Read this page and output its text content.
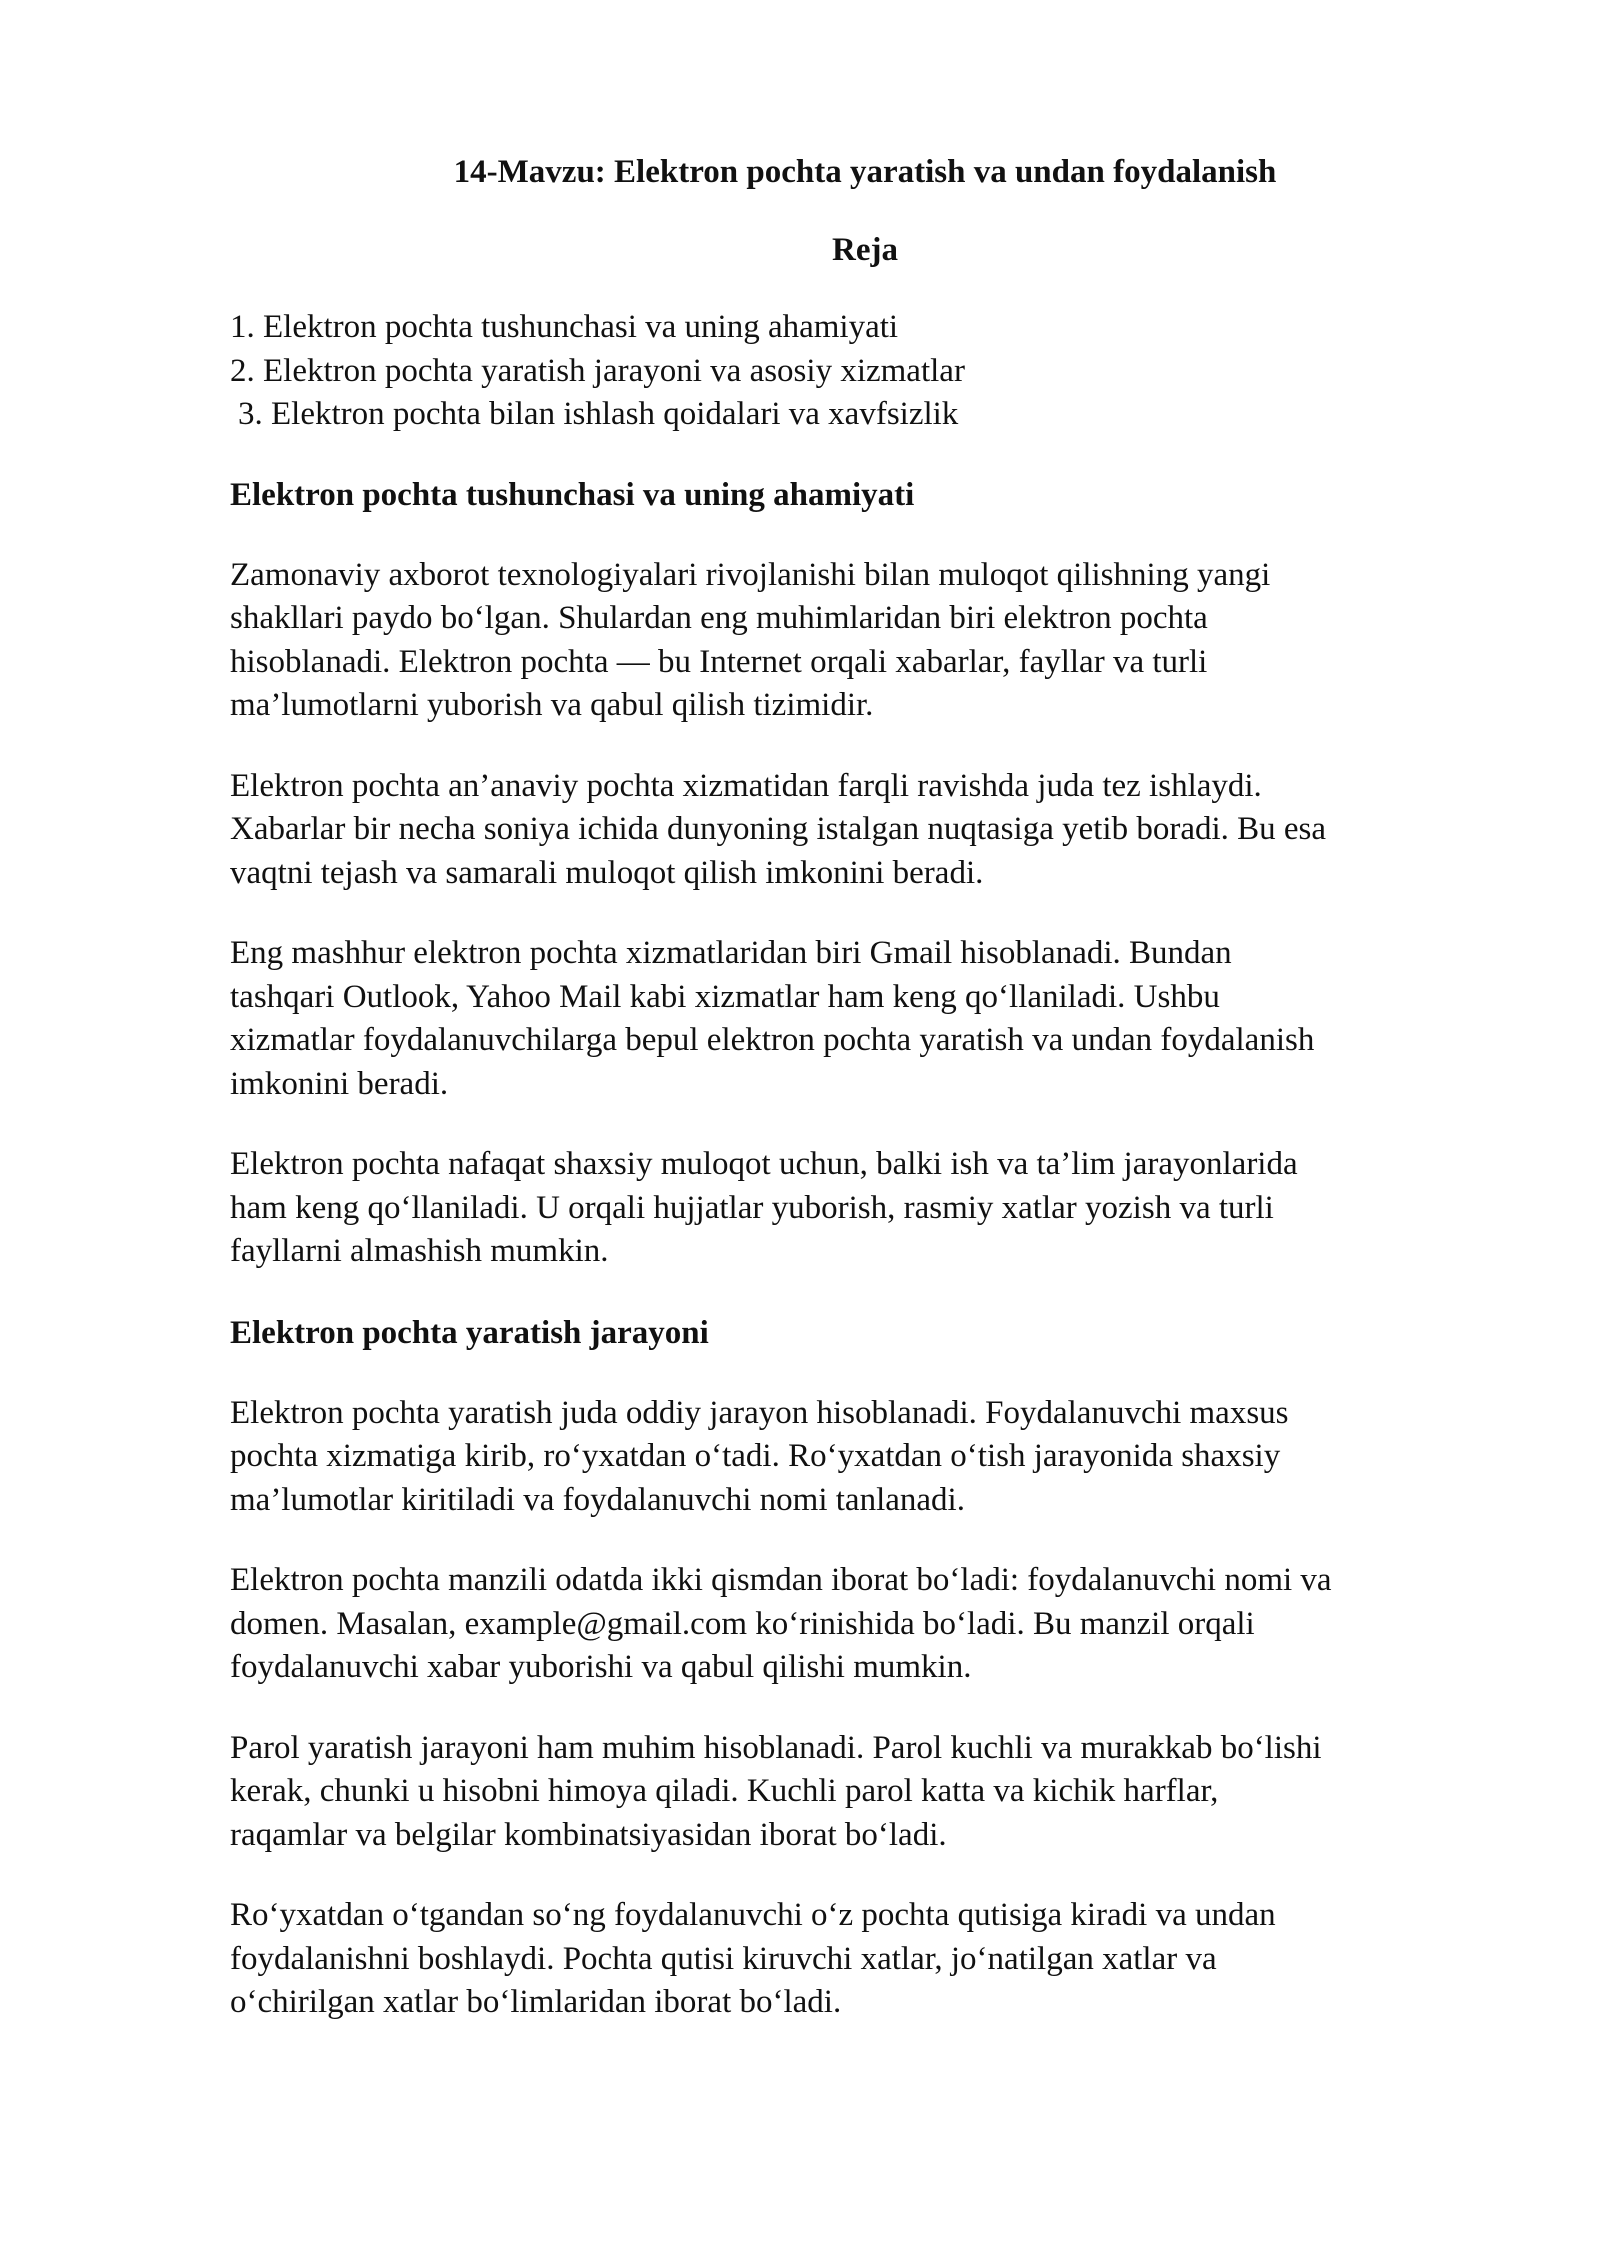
14-Mavzu: Elektron pochta yaratish va undan foydalanish
Reja
1. Elektron pochta tushunchasi va uning ahamiyati
2. Elektron pochta yaratish jarayoni va asosiy xizmatlar
3. Elektron pochta bilan ishlash qoidalari va xavfsizlik
Elektron pochta tushunchasi va uning ahamiyati

Zamonaviy axborot texnologiyalari rivojlanishi bilan muloqot qilishning yangi
shakllari paydo bo‘lgan. Shulardan eng muhimlaridan biri elektron pochta
hisoblanadi. Elektron pochta — bu Internet orqali xabarlar, fayllar va turli
ma’lumotlarni yuborish va qabul qilish tizimidir.

Elektron pochta an’anaviy pochta xizmatidan farqli ravishda juda tez ishlaydi.
Xabarlar bir necha soniya ichida dunyoning istalgan nuqtasiga yetib boradi. Bu esa
vaqtni tejash va samarali muloqot qilish imkonini beradi.

Eng mashhur elektron pochta xizmatlaridan biri Gmail hisoblanadi. Bundan
tashqari Outlook, Yahoo Mail kabi xizmatlar ham keng qo‘llaniladi. Ushbu
xizmatlar foydalanuvchilarga bepul elektron pochta yaratish va undan foydalanish
imkonini beradi.

Elektron pochta nafaqat shaxsiy muloqot uchun, balki ish va ta’lim jarayonlarida
ham keng qo‘llaniladi. U orqali hujjatlar yuborish, rasmiy xatlar yozish va turli
fayllarni almashish mumkin.

Elektron pochta yaratish jarayoni

Elektron pochta yaratish juda oddiy jarayon hisoblanadi. Foydalanuvchi maxsus
pochta xizmatiga kirib, ro‘yxatdan o‘tadi. Ro‘yxatdan o‘tish jarayonida shaxsiy
ma’lumotlar kiritiladi va foydalanuvchi nomi tanlanadi.

Elektron pochta manzili odatda ikki qismdan iborat bo‘ladi: foydalanuvchi nomi va
domen. Masalan, example@gmail.com ko‘rinishida bo‘ladi. Bu manzil orqali
foydalanuvchi xabar yuborishi va qabul qilishi mumkin.

Parol yaratish jarayoni ham muhim hisoblanadi. Parol kuchli va murakkab bo‘lishi
kerak, chunki u hisobni himoya qiladi. Kuchli parol katta va kichik harflar,
raqamlar va belgilar kombinatsiyasidan iborat bo‘ladi.

Ro‘yxatdan o‘tgandan so‘ng foydalanuvchi o‘z pochta qutisiga kiradi va undan
foydalanishni boshlaydi. Pochta qutisi kiruvchi xatlar, jo‘natilgan xatlar va
o‘chirilgan xatlar bo‘limlaridan iborat bo‘ladi.
